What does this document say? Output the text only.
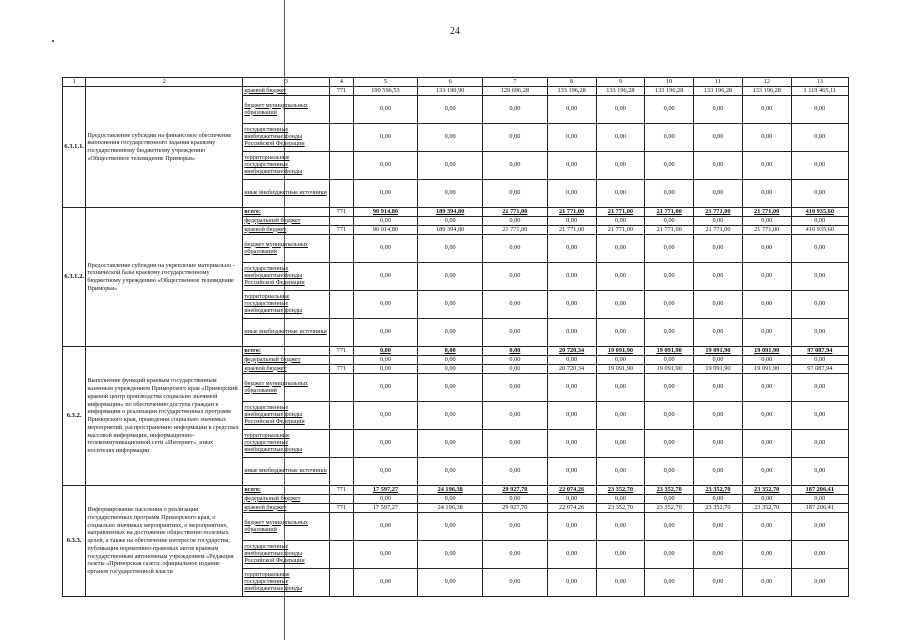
24
1	2	3	4	5	6	7	8	9	10	11	12	13
6.3.1.1.	Предоставление субсидии на финансовое обеспечение выполнения государственного задания краевому государственному бюджетному учреждению «Общественное телевидение Приморья»	краевой бюджет	771	190 596,53	133 190,90	129 696,28	133 196,28	133 196,28	133 196,28	133 196,28	133 196,28	1 119 465,11
		бюджет муниципальных образований		0,00	0,00	0,00	0,00	0,00	0,00	0,00	0,00	0,00
		государственные внебюджетные фонды Российской Федерации		0,00	0,00	0,00	0,00	0,00	0,00	0,00	0,00	0,00
		территориальные государственные внебюджетные фонды		0,00	0,00	0,00	0,00	0,00	0,00	0,00	0,00	0,00
		иные внебюджетные источники		0,00	0,00	0,00	0,00	0,00	0,00	0,00	0,00	0,00
6.3.1.2.	Предоставление субсидии на укрепление материально - технической базы краевому государственному бюджетному учреждению «Общественное телевидение Приморья»	всего:	771	90 914,80	189 394,80	21 771,00	21 771,00	21 771,00	21 771,00	21 771,00	21 771,00	410 935,60
		федеральный бюджет		0,00	0,00	0,00	0,00	0,00	0,00	0,00	0,00	0,00
		краевой бюджет	771	90 914,80	189 394,80	21 771,00	21 771,00	21 771,00	21 771,00	21 771,00	21 771,00	410 935,60
		бюджет муниципальных образований		0,00	0,00	0,00	0,00	0,00	0,00	0,00	0,00	0,00
		государственные внебюджетные фонды Российской Федерации		0,00	0,00	0,00	0,00	0,00	0,00	0,00	0,00	0,00
		территориальные государственные внебюджетные фонды		0,00	0,00	0,00	0,00	0,00	0,00	0,00	0,00	0,00
		иные внебюджетные источники		0,00	0,00	0,00	0,00	0,00	0,00	0,00	0,00	0,00
6.3.2.	Выполнение функций краевым государственным казенным учреждением Приморского края «Приморский краевой центр производства социально значимой информации» по обеспечению доступа граждан к информации о реализации государственных программ Приморского края, проведении социально значимых мероприятий, распространению информации в средствах массовой информации, информационно-телекоммуникационной сети «Интернет», иных носителях информации	всего:	771	0,00	0,00	0,00	20 720,34	19 091,90	19 091,90	19 091,90	19 091,90	97 087,94
		федеральный бюджет		0,00	0,00	0,00	0,00	0,00	0,00	0,00	0,00	0,00
		краевой бюджет	771	0,00	0,00	0,00	20 720,34	19 091,90	19 091,90	19 091,90	19 091,90	97 087,94
		бюджет муниципальных образований		0,00	0,00	0,00	0,00	0,00	0,00	0,00	0,00	0,00
		государственные внебюджетные фонды Российской Федерации		0,00	0,00	0,00	0,00	0,00	0,00	0,00	0,00	0,00
		территориальные государственные внебюджетные фонды		0,00	0,00	0,00	0,00	0,00	0,00	0,00	0,00	0,00
		иные внебюджетные источники		0,00	0,00	0,00	0,00	0,00	0,00	0,00	0,00	0,00
6.3.3.	Информирование населения о реализации государственных программ Приморского края, о социально значимых мероприятиях, о мероприятиях, направленных на достижение общественно полезных целей, а также на обеспечение интересов государства, публикация нормативно-правовых актов краевым государственным автономным учреждением «Редакция газеты «Приморская газета: официальное издание органов государственной власти	всего:	771	17 597,27	24 196,38	29 927,70	22 074,26	23 352,70	23 352,70	23 352,70	23 352,70	187 206,41
		федеральный бюджет		0,00	0,00	0,00	0,00	0,00	0,00	0,00	0,00	0,00
		краевой бюджет	771	17 597,27	24 196,38	29 927,70	22 074,26	23 352,70	23 352,70	23 352,70	23 352,70	187 206,41
		бюджет муниципальных образований		0,00	0,00	0,00	0,00	0,00	0,00	0,00	0,00	0,00
		государственные внебюджетные фонды Российской Федерации		0,00	0,00	0,00	0,00	0,00	0,00	0,00	0,00	0,00
		территориальные государственные внебюджетные фонды		0,00	0,00	0,00	0,00	0,00	0,00	0,00	0,00	0,00
